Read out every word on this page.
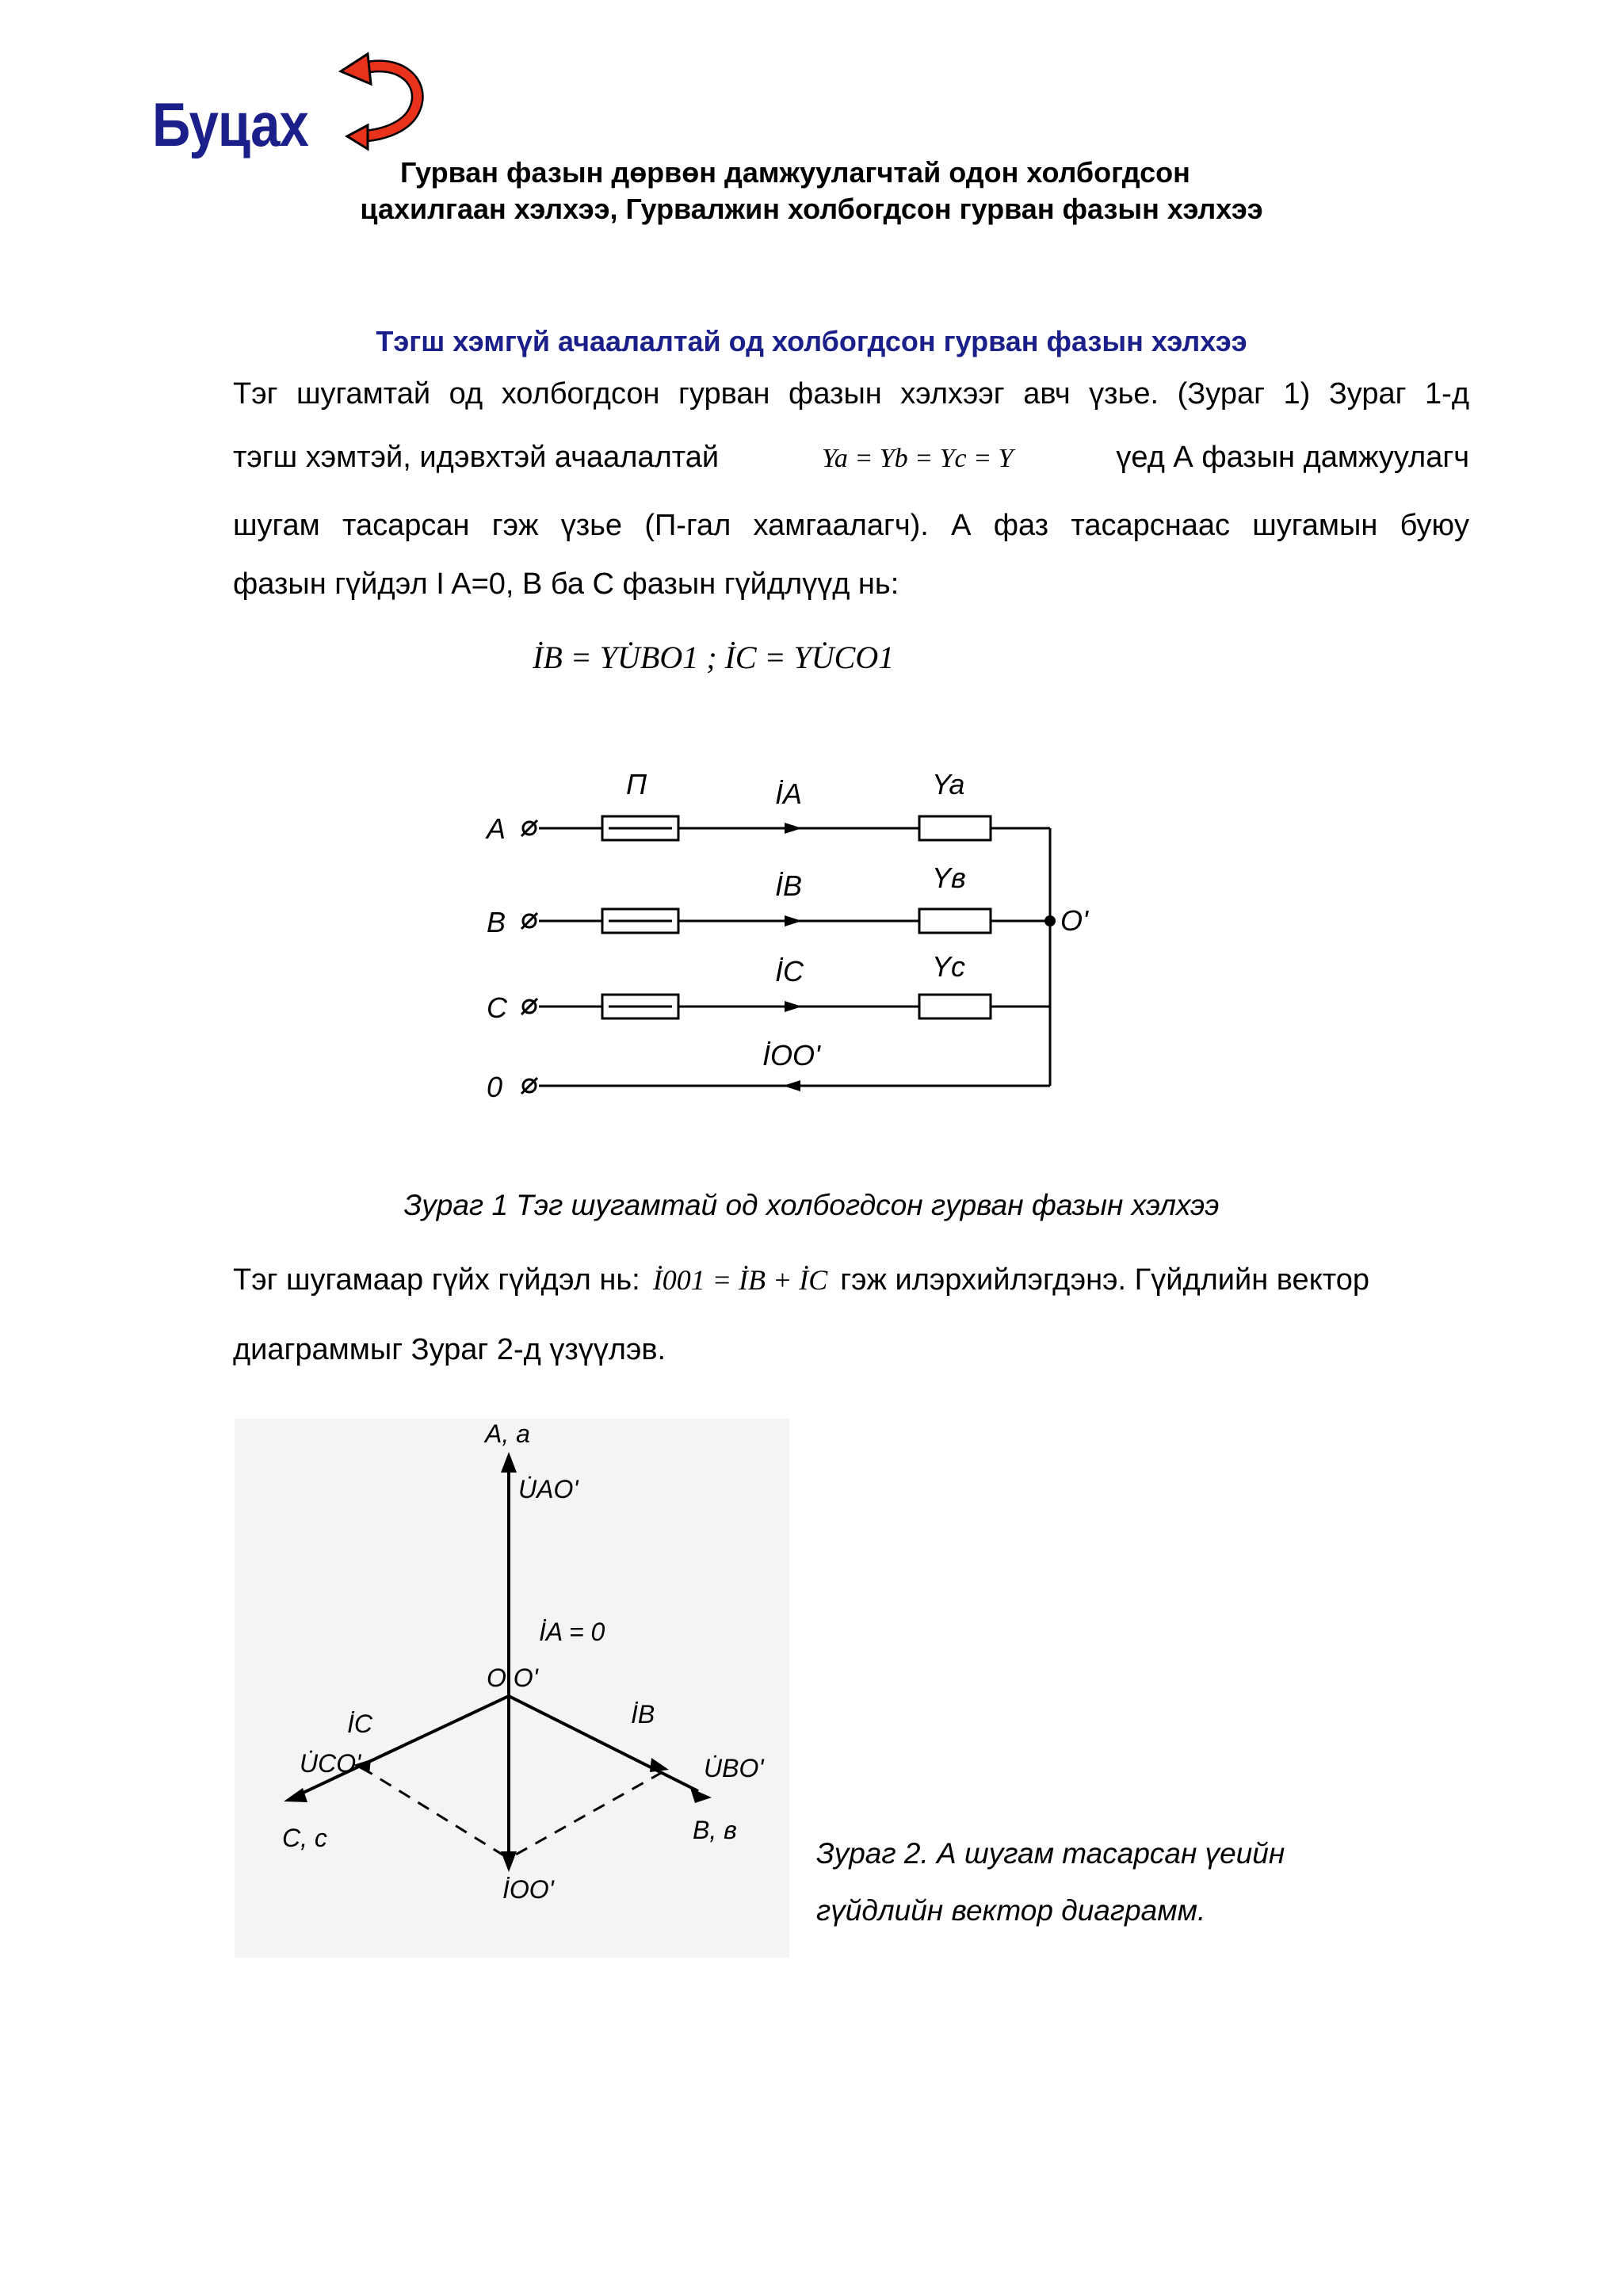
Буцах
Гурван фазын дөрвөн дамжуулагчтай одон холбогдсон
цахилгаан хэлхээ, Гурвалжин холбогдсон гурван фазын хэлхээ
Тэгш хэмгүй ачаалалтай од холбогдсон гурван фазын хэлхээ
Тэг шугамтай од холбогдсон гурван фазын хэлхээг авч үзье. (Зураг 1) Зураг 1-д
тэгш хэмтэй, идэвхтэй ачаалалтай	Ya = Yb = Yc = Y	үед А фазын дамжуулагч
шугам тасарсан гэж үзье (П-гал хамгаалагч). А фаз тасарснаас шугамын буюу
фазын гүйдэл I A=0, В ба С фазын гүйдлүүд нь:
İB = YU̇BO1 ; İC = YU̇CO1
A
B
C
0
П	İA
İB
İC
İOO'
Ya
Yв
Yc
O'
Зураг 1 Тэг шугамтай од холбогдсон гурван фазын хэлхээ
Тэг шугамаар гүйх гүйдэл нь: İ001 = İB + İC гэж илэрхийлэгдэнэ. Гүйдлийн вектор
диаграммыг Зураг 2-д үзүүлэв.
A, a
U̇AO'
İA = 0
O O'
İC	İB
U̇CO'	U̇BO'
C, c	B, в
İOO'
Зураг 2. А шугам тасарсан үеийн
гүйдлийн вектор диаграмм.
